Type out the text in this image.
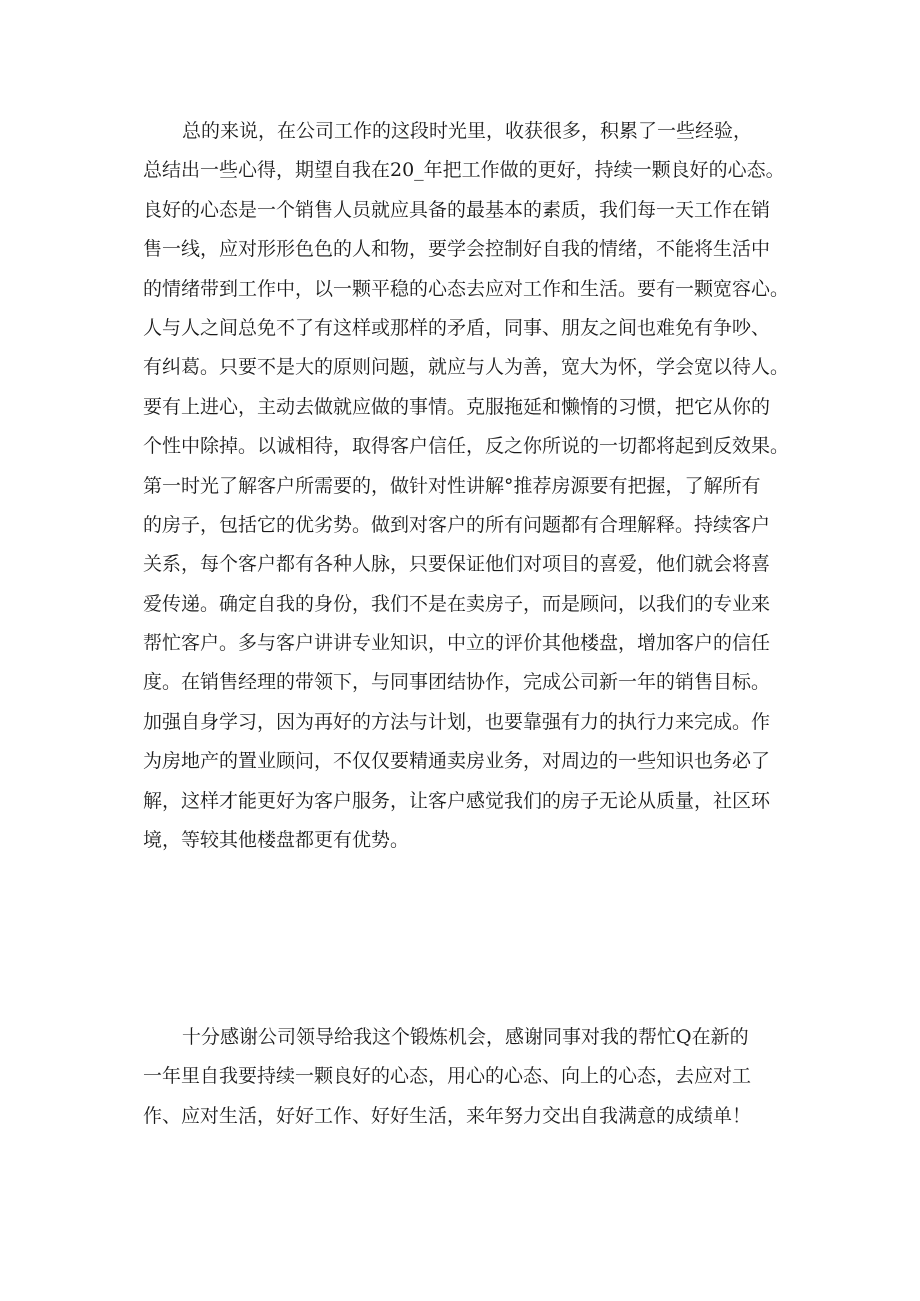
总的来说，在公司工作的这段时光里，收获很多，积累了一些经验，
总结出一些心得，期望自我在20_年把工作做的更好，持续一颗良好的心态。
良好的心态是一个销售人员就应具备的最基本的素质，我们每一天工作在销
售一线，应对形形色色的人和物，要学会控制好自我的情绪，不能将生活中
的情绪带到工作中，以一颗平稳的心态去应对工作和生活。要有一颗宽容心。
人与人之间总免不了有这样或那样的矛盾，同事、朋友之间也难免有争吵、
有纠葛。只要不是大的原则问题，就应与人为善，宽大为怀，学会宽以待人。
要有上进心，主动去做就应做的事情。克服拖延和懒惰的习惯，把它从你的
个性中除掉。以诚相待，取得客户信任，反之你所说的一切都将起到反效果。
第一时光了解客户所需要的，做针对性讲解°推荐房源要有把握，了解所有
的房子，包括它的优劣势。做到对客户的所有问题都有合理解释。持续客户
关系，每个客户都有各种人脉，只要保证他们对项目的喜爱，他们就会将喜
爱传递。确定自我的身份，我们不是在卖房子，而是顾问，以我们的专业来
帮忙客户。多与客户讲讲专业知识，中立的评价其他楼盘，增加客户的信任
度。在销售经理的带领下，与同事团结协作，完成公司新一年的销售目标。
加强自身学习，因为再好的方法与计划，也要靠强有力的执行力来完成。作
为房地产的置业顾问，不仅仅要精通卖房业务，对周边的一些知识也务必了
解，这样才能更好为客户服务，让客户感觉我们的房子无论从质量，社区环
境，等较其他楼盘都更有优势。
十分感谢公司领导给我这个锻炼机会，感谢同事对我的帮忙Q在新的
一年里自我要持续一颗良好的心态，用心的心态、向上的心态，去应对工
作、应对生活，好好工作、好好生活，来年努力交出自我满意的成绩单！
